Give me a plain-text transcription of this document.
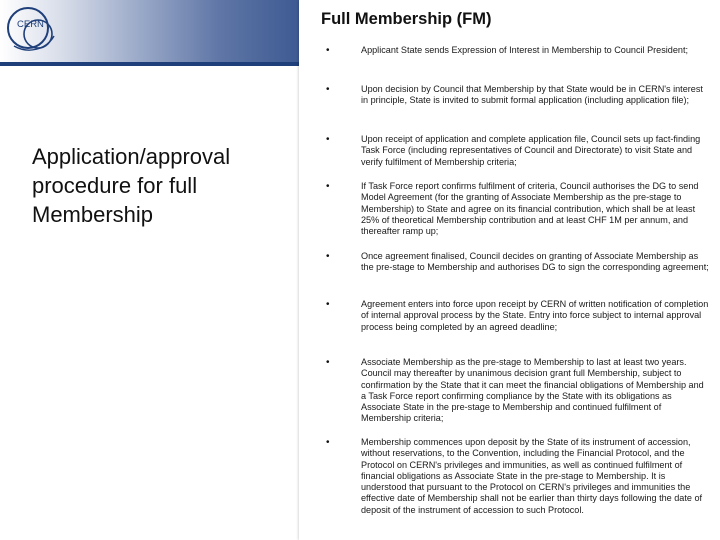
CERN
Application/approval procedure for full Membership
Full Membership (FM)
•	Applicant State sends Expression of Interest in Membership to Council President;

•	Upon decision by Council that Membership by that State would be in CERN's interest in principle, State is invited to submit formal application (including application file);

•	Upon receipt of application and complete application file, Council sets up fact-finding Task Force (including representatives of Council and Directorate) to visit State and verify fulfilment of Membership criteria;

•	If Task Force report confirms fulfilment of criteria, Council authorises the DG to send Model Agreement (for the granting of Associate Membership as the pre-stage to Membership) to State and agree on its financial contribution, which shall be at least 25% of theoretical Membership contribution and at least CHF 1M per annum, and thereafter ramp up;

•	Once agreement finalised, Council decides on granting of Associate Membership as the pre-stage to Membership and authorises DG to sign the corresponding agreement;

•	Agreement enters into force upon receipt by CERN of written notification of completion of internal approval process by the State. Entry into force subject to internal approval process being completed by an agreed deadline;

•	Associate Membership as the pre-stage to Membership to last at least two years. Council may thereafter by unanimous decision grant full Membership, subject to confirmation by the State that it can meet the financial obligations of Membership and a Task Force report confirming compliance by the State with its obligations as Associate State in the pre-stage to Membership and continued fulfilment of Membership criteria;

•	Membership commences upon deposit by the State of its instrument of accession, without reservations, to the Convention, including the Financial Protocol, and the Protocol on CERN's privileges and immunities, as well as continued fulfilment of financial obligations as Associate State in the pre-stage to Membership. It is understood that pursuant to the Protocol on CERN's privileges and immunities the effective date of Membership shall not be earlier than thirty days following the date of deposit of the instrument of accession to such Protocol.
